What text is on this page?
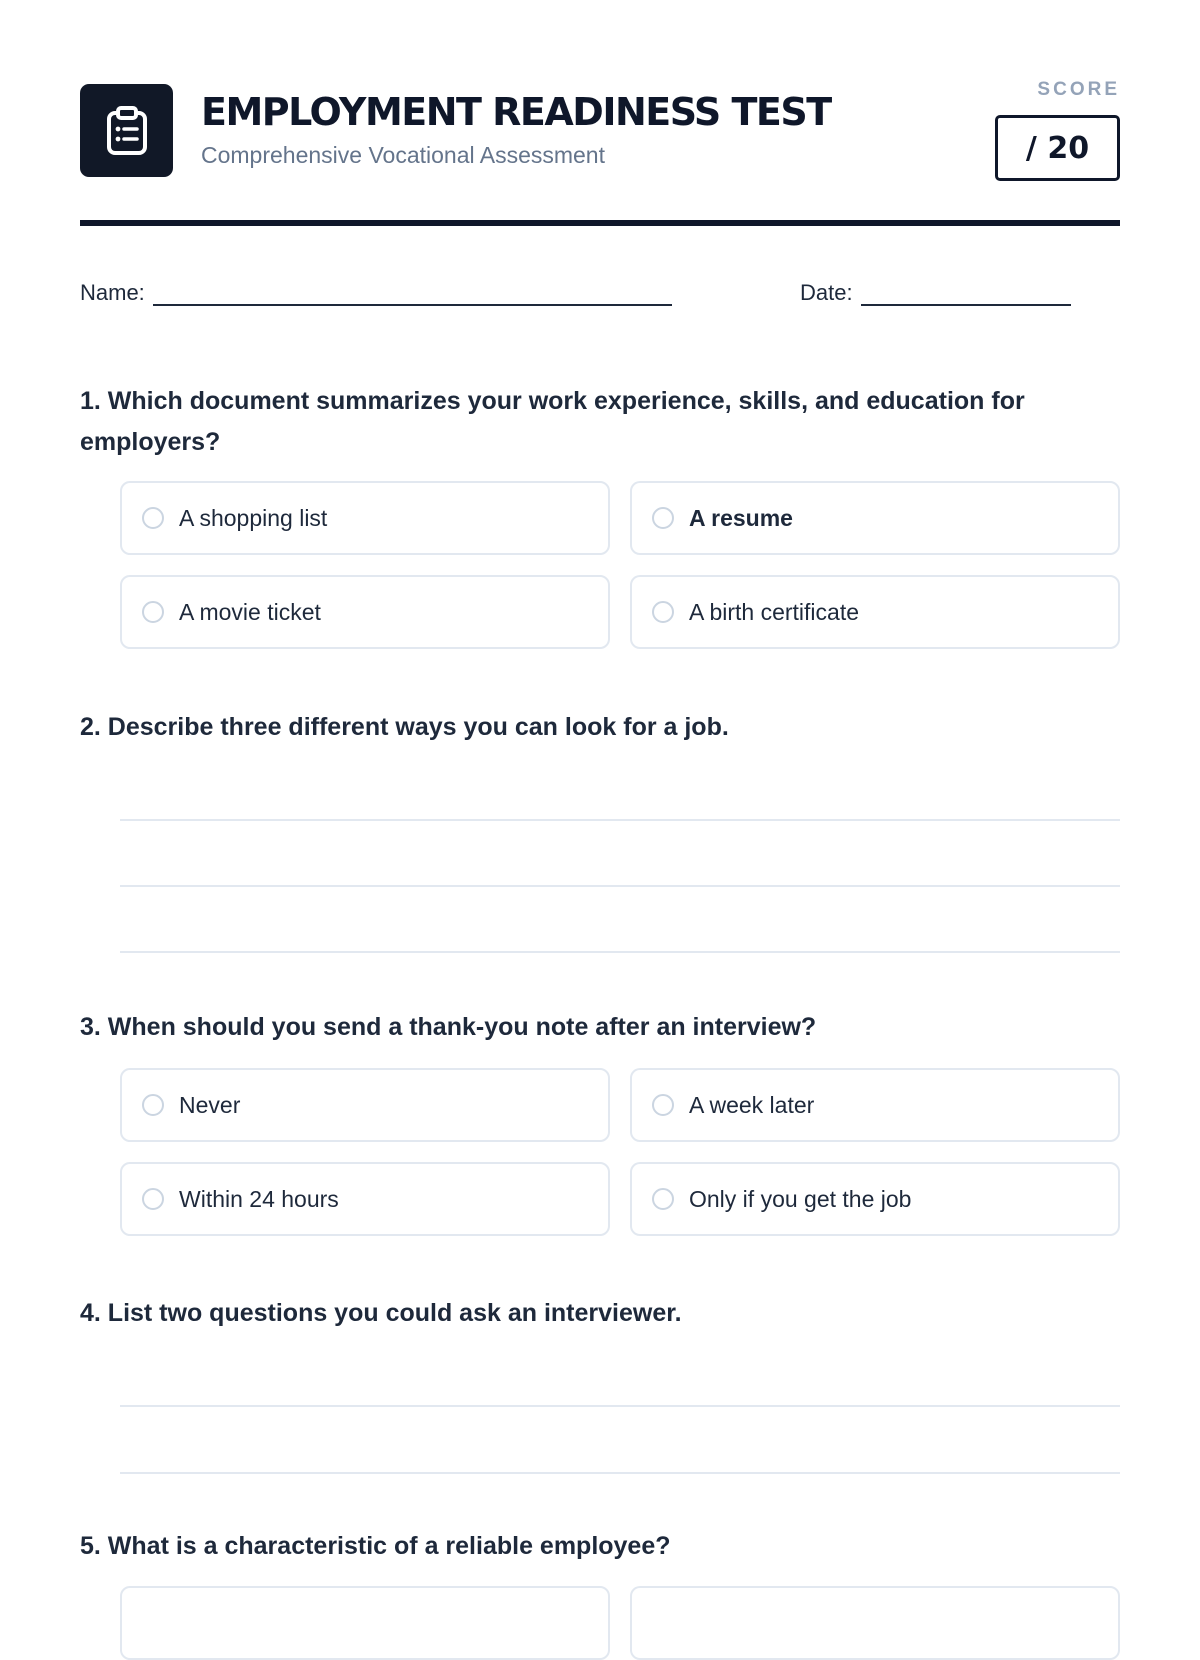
EMPLOYMENT READINESS TEST
Comprehensive Vocational Assessment
SCORE
/ 20
Name:	Date:
1. Which document summarizes your work experience, skills, and education for employers?
A shopping list	A resume
A movie ticket	A birth certificate
2. Describe three different ways you can look for a job.
3. When should you send a thank-you note after an interview?
Never	A week later
Within 24 hours	Only if you get the job
4. List two questions you could ask an interviewer.
5. What is a characteristic of a reliable employee?
